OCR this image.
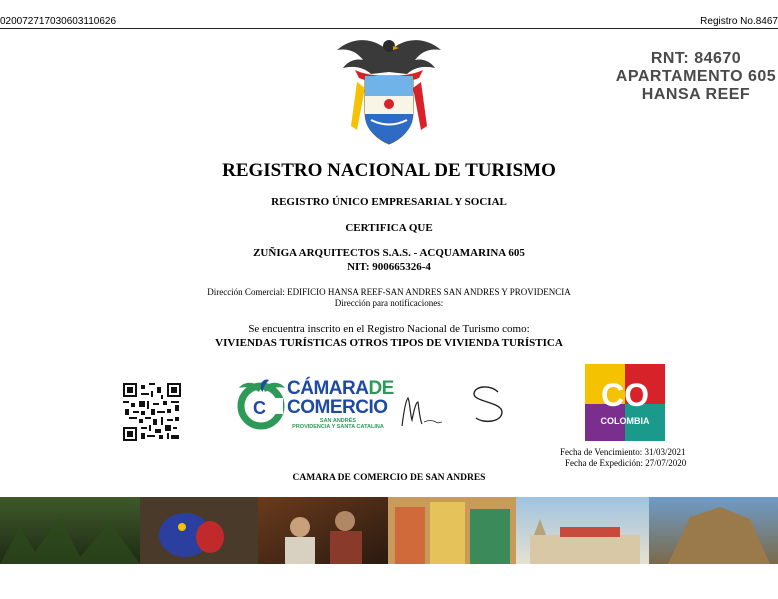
020072717030603110626	Registro No.8467
RNT: 84670
APARTAMENTO 605
HANSA REEF
REGISTRO NACIONAL DE TURISMO
REGISTRO ÚNICO EMPRESARIAL Y SOCIAL
CERTIFICA QUE
ZUÑIGA ARQUITECTOS S.A.S. - ACQUAMARINA 605
NIT: 900665326-4
Dirección Comercial: EDIFICIO HANSA REEF-SAN ANDRES SAN ANDRES Y PROVIDENCIA
Dirección para notificaciones:
Se encuentra inscrito en el Registro Nacional de Turismo como:
VIVIENDAS TURÍSTICAS OTROS TIPOS DE VIVIENDA TURÍSTICA
C
CÁMARADE
COMERCIO
SAN ANDRÉS
PROVIDENCIA Y SANTA CATALINA
CO
COLOMBIA
Fecha de Vencimiento: 31/03/2021
Fecha de Expedición: 27/07/2020
CAMARA DE COMERCIO DE SAN ANDRES
